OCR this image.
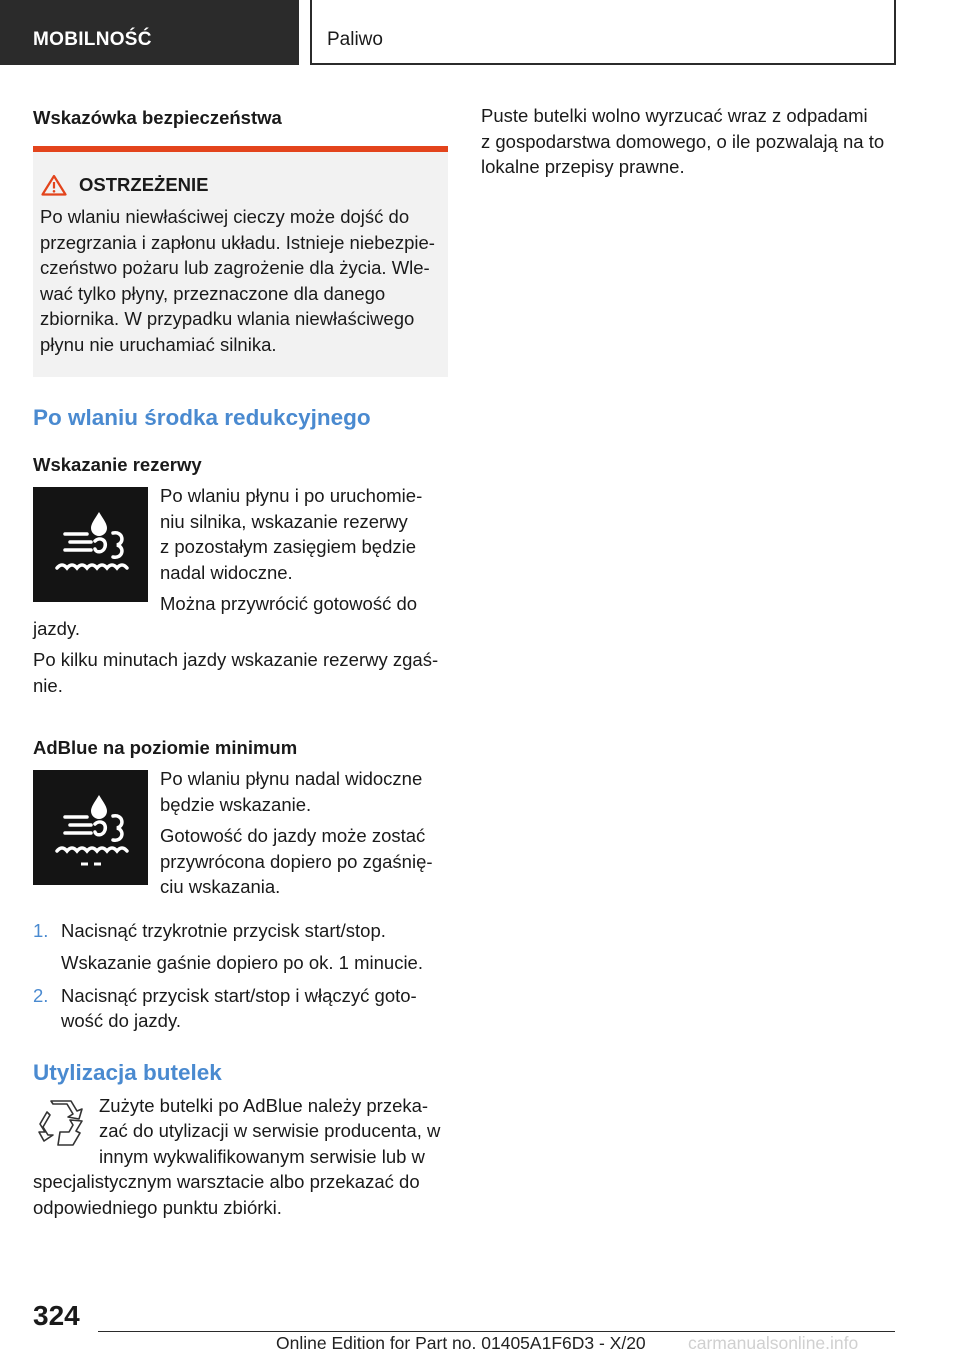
MOBILNOŚĆ	Paliwo
Wskazówka bezpieczeństwa
OSTRZEŻENIE

Po wlaniu niewłaściwej cieczy może dojść do
przegrzania i zapłonu układu. Istnieje niebezpie-
czeństwo pożaru lub zagrożenie dla życia. Wle-
wać tylko płyny, przeznaczone dla danego
zbiornika. W przypadku wlania niewłaściwego
płynu nie uruchamiać silnika.

Po wlaniu środka redukcyjnego
Wskazanie rezerwy

Po wlaniu płynu i po uruchomie-
niu silnika, wskazanie rezerwy
z pozostałym zasięgiem będzie
nadal widoczne.

Można przywrócić gotowość do

jazdy.

Po kilku minutach jazdy wskazanie rezerwy zgaś-
nie.

AdBlue na poziomie minimum

Po wlaniu płynu nadal widoczne
będzie wskazanie.

Gotowość do jazdy może zostać
przywrócona dopiero po zgaśnię-
ciu wskazania.

1. Nacisnąć trzykrotnie przycisk start/stop.

Wskazanie gaśnie dopiero po ok. 1 minucie.

2. Nacisnąć przycisk start/stop i włączyć goto-
wość do jazdy.
Utylizacja butelek

Zużyte butelki po AdBlue należy przeka-
zać do utylizacji w serwisie producenta, w
innym wykwalifikowanym serwisie lub w

specjalistycznym warsztacie albo przekazać do
odpowiedniego punktu zbiórki.

Puste butelki wolno wyrzucać wraz z odpadami
z gospodarstwa domowego, o ile pozwalają na to
lokalne przepisy prawne.

324
Online Edition for Part no. 01405A1F6D3 - X/20 carmanualsonline.info
